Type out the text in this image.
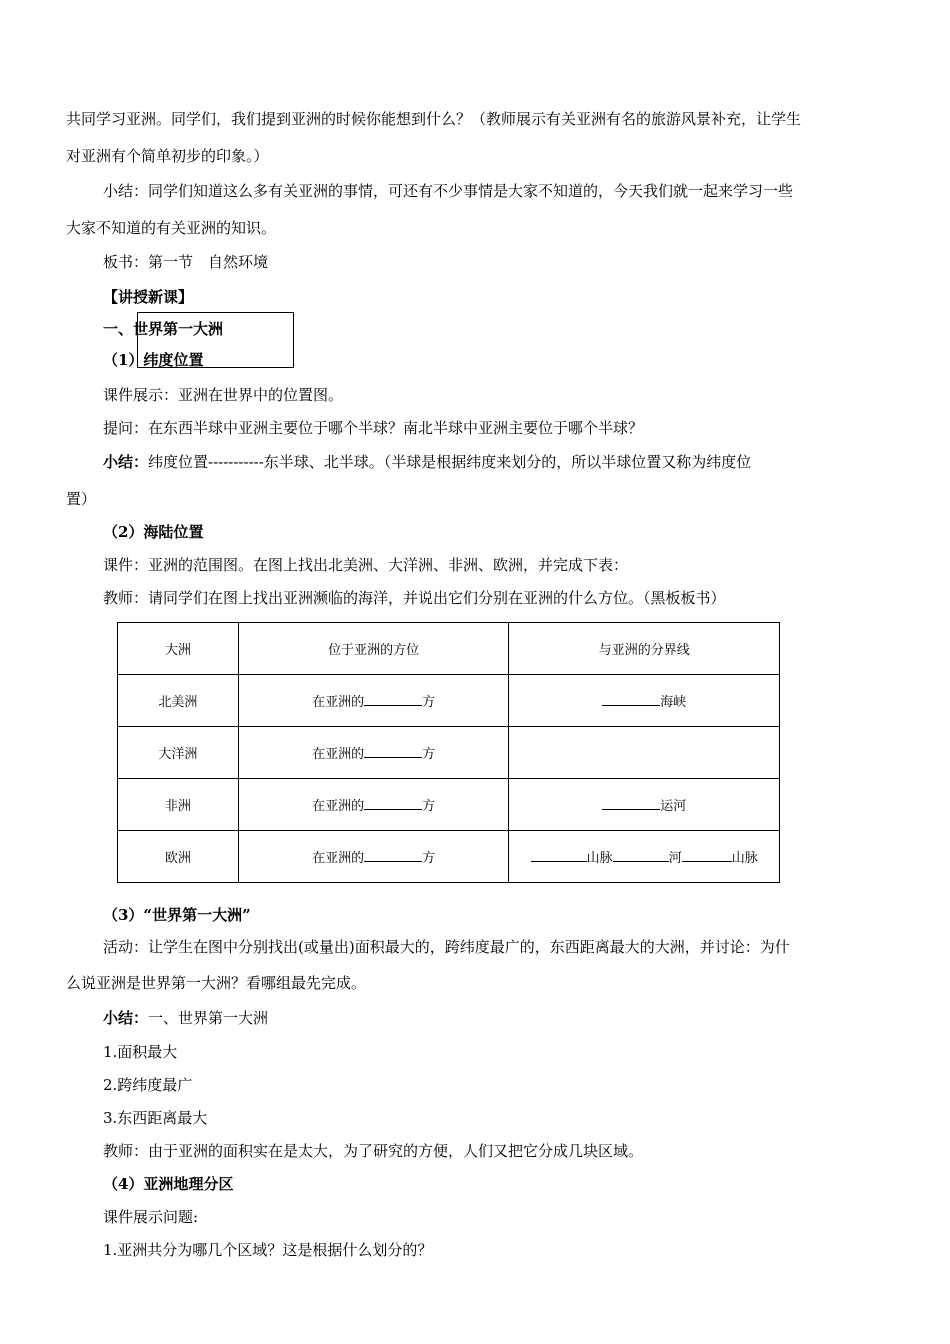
共同学习亚洲。同学们，我们提到亚洲的时候你能想到什么？（教师展示有关亚洲有名的旅游风景补充，让学生
对亚洲有个简单初步的印象。）
小结：同学们知道这么多有关亚洲的事情，可还有不少事情是大家不知道的，今天我们就一起来学习一些
大家不知道的有关亚洲的知识。
板书：第一节　自然环境
【讲授新课】
一、世界第一大洲
（1）纬度位置
课件展示：亚洲在世界中的位置图。
提问：在东西半球中亚洲主要位于哪个半球？南北半球中亚洲主要位于哪个半球？
小结：纬度位置-----------东半球、北半球。（半球是根据纬度来划分的，所以半球位置又称为纬度位
置）
（2）海陆位置
课件：亚洲的范围图。在图上找出北美洲、大洋洲、非洲、欧洲，并完成下表：
教师：请同学们在图上找出亚洲濒临的海洋，并说出它们分别在亚洲的什么方位。（黑板板书）
大洲	位于亚洲的方位	与亚洲的分界线
北美洲	在亚洲的 方	海峡
大洋洲	在亚洲的 方	
非洲	在亚洲的 方	运河
欧洲	在亚洲的 方	山脉 河 山脉
（3）“世界第一大洲”
活动：让学生在图中分别找出(或量出)面积最大的，跨纬度最广的，东西距离最大的大洲，并讨论：为什
么说亚洲是世界第一大洲？看哪组最先完成。
小结：一、世界第一大洲
1.面积最大
2.跨纬度最广
3.东西距离最大
教师：由于亚洲的面积实在是太大，为了研究的方便，人们又把它分成几块区域。
（4）亚洲地理分区
课件展示问题:
1.亚洲共分为哪几个区域？这是根据什么划分的？
